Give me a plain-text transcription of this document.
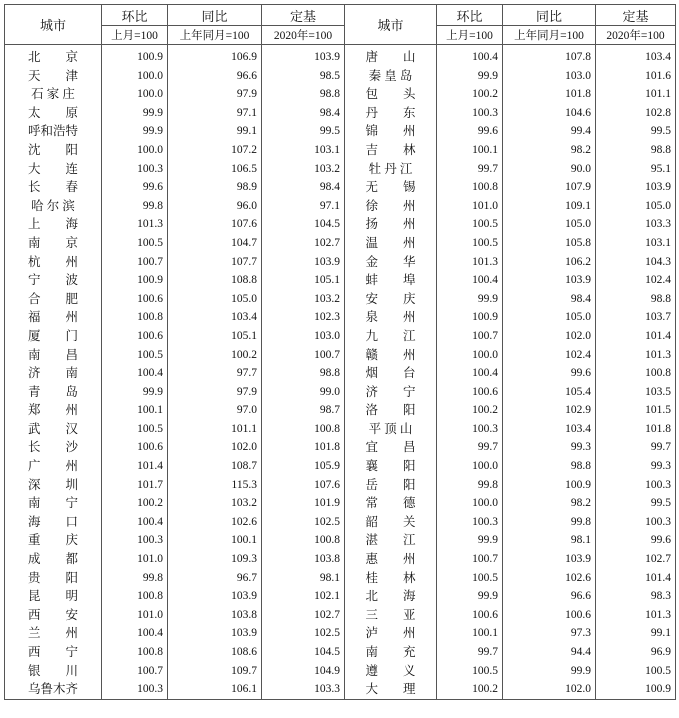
城市	环比	同比	定基	城市	环比	同比	定基
	上月=100	上年同月=100	2020年=100		上月=100	上年同月=100	2020年=100
北　　京	100.9	106.9	103.9	唐　　山	100.4	107.8	103.4
天　　津	100.0	96.6	98.5	秦 皇 岛	99.9	103.0	101.6
石 家 庄	100.0	97.9	98.8	包　　头	100.2	101.8	101.1
太　　原	99.9	97.1	98.4	丹　　东	100.3	104.6	102.8
呼和浩特	99.9	99.1	99.5	锦　　州	99.6	99.4	99.5
沈　　阳	100.0	107.2	103.1	吉　　林	100.1	98.2	98.8
大　　连	100.3	106.5	103.2	牡 丹 江	99.7	90.0	95.1
长　　春	99.6	98.9	98.4	无　　锡	100.8	107.9	103.9
哈 尔 滨	99.8	96.0	97.1	徐　　州	101.0	109.1	105.0
上　　海	101.3	107.6	104.5	扬　　州	100.5	105.0	103.3
南　　京	100.5	104.7	102.7	温　　州	100.5	105.8	103.1
杭　　州	100.7	107.7	103.9	金　　华	101.3	106.2	104.3
宁　　波	100.9	108.8	105.1	蚌　　埠	100.4	103.9	102.4
合　　肥	100.6	105.0	103.2	安　　庆	99.9	98.4	98.8
福　　州	100.8	103.4	102.3	泉　　州	100.9	105.0	103.7
厦　　门	100.6	105.1	103.0	九　　江	100.7	102.0	101.4
南　　昌	100.5	100.2	100.7	赣　　州	100.0	102.4	101.3
济　　南	100.4	97.7	98.8	烟　　台	100.4	99.6	100.8
青　　岛	99.9	97.9	99.0	济　　宁	100.6	105.4	103.5
郑　　州	100.1	97.0	98.7	洛　　阳	100.2	102.9	101.5
武　　汉	100.5	101.1	100.8	平 顶 山	100.3	103.4	101.8
长　　沙	100.6	102.0	101.8	宜　　昌	99.7	99.3	99.7
广　　州	101.4	108.7	105.9	襄　　阳	100.0	98.8	99.3
深　　圳	101.7	115.3	107.6	岳　　阳	99.8	100.9	100.3
南　　宁	100.2	103.2	101.9	常　　德	100.0	98.2	99.5
海　　口	100.4	102.6	102.5	韶　　关	100.3	99.8	100.3
重　　庆	100.3	100.1	100.8	湛　　江	99.9	98.1	99.6
成　　都	101.0	109.3	103.8	惠　　州	100.7	103.9	102.7
贵　　阳	99.8	96.7	98.1	桂　　林	100.5	102.6	101.4
昆　　明	100.8	103.9	102.1	北　　海	99.9	96.6	98.3
西　　安	101.0	103.8	102.7	三　　亚	100.6	100.6	101.3
兰　　州	100.4	103.9	102.5	泸　　州	100.1	97.3	99.1
西　　宁	100.8	108.6	104.5	南　　充	99.7	94.4	96.9
银　　川	100.7	109.7	104.9	遵　　义	100.5	99.9	100.5
乌鲁木齐	100.3	106.1	103.3	大　　理	100.2	102.0	100.9
